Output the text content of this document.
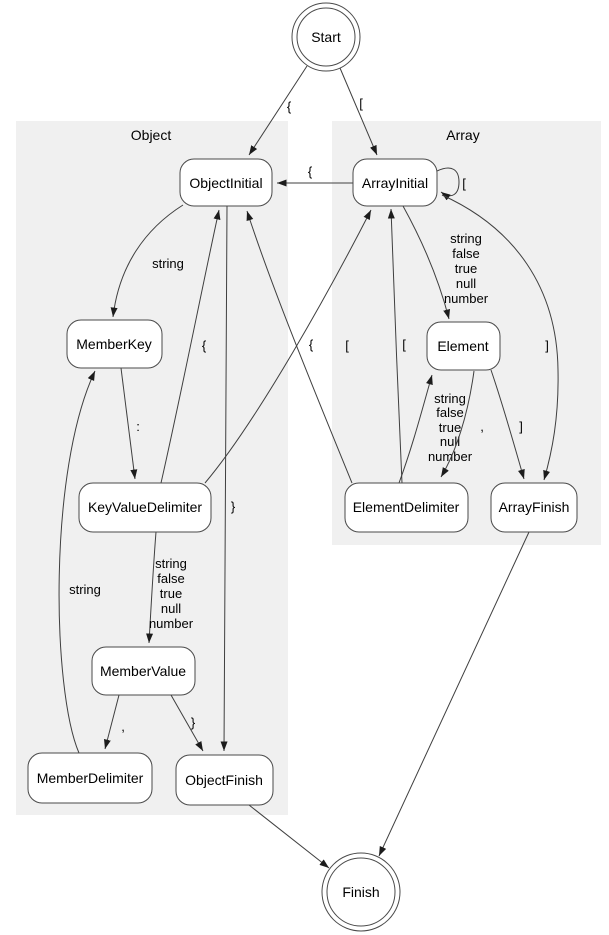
Object	Array
{	[
{
[
string
false
true
null
number
]
string
:
{	[
string
false
true
null
number
{	[
string
false
true
null
number
,	]
}
,	}
string
Start
ObjectInitial	ArrayInitial
MemberKey	Element
KeyValueDelimiter	ElementDelimiter	ArrayFinish
MemberValue
MemberDelimiter	ObjectFinish
Finish
